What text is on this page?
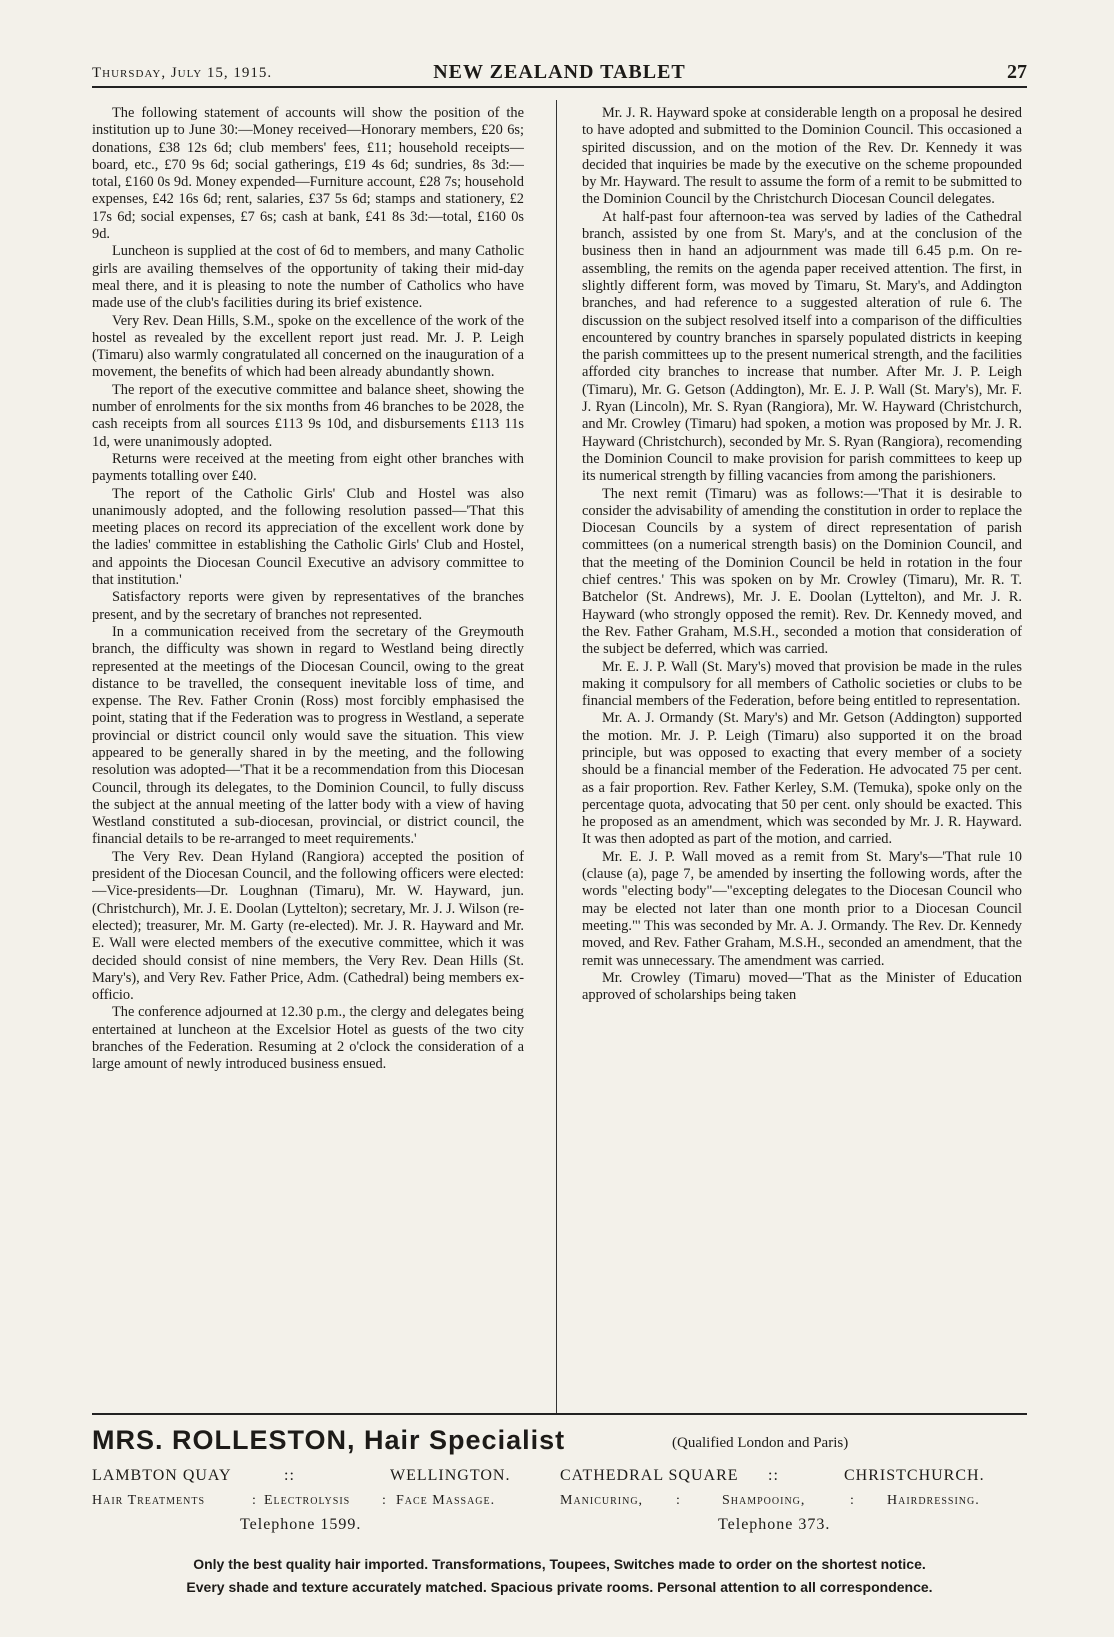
Thursday, July 15, 1915.	NEW ZEALAND TABLET	27

The following statement of accounts will show the position of the institution up to June 30:—Money received—Honorary members, £20 6s; donations, £38 12s 6d; club members' fees, £11; household receipts—board, etc., £70 9s 6d; social gatherings, £19 4s 6d; sundries, 8s 3d:—total, £160 0s 9d. Money expended—Furniture account, £28 7s; household expenses, £42 16s 6d; rent, salaries, £37 5s 6d; stamps and stationery, £2 17s 6d; social expenses, £7 6s; cash at bank, £41 8s 3d:—total, £160 0s 9d.

Luncheon is supplied at the cost of 6d to members, and many Catholic girls are availing themselves of the opportunity of taking their mid-day meal there, and it is pleasing to note the number of Catholics who have made use of the club's facilities during its brief existence.

Very Rev. Dean Hills, S.M., spoke on the excellence of the work of the hostel as revealed by the excellent report just read. Mr. J. P. Leigh (Timaru) also warmly congratulated all concerned on the inauguration of a movement, the benefits of which had been already abundantly shown.

The report of the executive committee and balance sheet, showing the number of enrolments for the six months from 46 branches to be 2028, the cash receipts from all sources £113 9s 10d, and disbursements £113 11s 1d, were unanimously adopted.

Returns were received at the meeting from eight other branches with payments totalling over £40.

The report of the Catholic Girls' Club and Hostel was also unanimously adopted, and the following resolution passed—'That this meeting places on record its appreciation of the excellent work done by the ladies' committee in establishing the Catholic Girls' Club and Hostel, and appoints the Diocesan Council Executive an advisory committee to that institution.'

Satisfactory reports were given by representatives of the branches present, and by the secretary of branches not represented.

In a communication received from the secretary of the Greymouth branch, the difficulty was shown in regard to Westland being directly represented at the meetings of the Diocesan Council, owing to the great distance to be travelled, the consequent inevitable loss of time, and expense. The Rev. Father Cronin (Ross) most forcibly emphasised the point, stating that if the Federation was to progress in Westland, a seperate provincial or district council only would save the situation. This view appeared to be generally shared in by the meeting, and the following resolution was adopted—'That it be a recommendation from this Diocesan Council, through its delegates, to the Dominion Council, to fully discuss the subject at the annual meeting of the latter body with a view of having Westland constituted a sub-diocesan, provincial, or district council, the financial details to be re-arranged to meet requirements.'

The Very Rev. Dean Hyland (Rangiora) accepted the position of president of the Diocesan Council, and the following officers were elected:—Vice-presidents—Dr. Loughnan (Timaru), Mr. W. Hayward, jun. (Christchurch), Mr. J. E. Doolan (Lyttelton); secretary, Mr. J. J. Wilson (re-elected); treasurer, Mr. M. Garty (re-elected). Mr. J. R. Hayward and Mr. E. Wall were elected members of the executive committee, which it was decided should consist of nine members, the Very Rev. Dean Hills (St. Mary's), and Very Rev. Father Price, Adm. (Cathedral) being members ex-officio.

The conference adjourned at 12.30 p.m., the clergy and delegates being entertained at luncheon at the Excelsior Hotel as guests of the two city branches of the Federation. Resuming at 2 o'clock the consideration of a large amount of newly introduced business ensued.

Mr. J. R. Hayward spoke at considerable length on a proposal he desired to have adopted and submitted to the Dominion Council. This occasioned a spirited discussion, and on the motion of the Rev. Dr. Kennedy it was decided that inquiries be made by the executive on the scheme propounded by Mr. Hayward. The result to assume the form of a remit to be submitted to the Dominion Council by the Christchurch Diocesan Council delegates.

At half-past four afternoon-tea was served by ladies of the Cathedral branch, assisted by one from St. Mary's, and at the conclusion of the business then in hand an adjournment was made till 6.45 p.m. On re-assembling, the remits on the agenda paper received attention. The first, in slightly different form, was moved by Timaru, St. Mary's, and Addington branches, and had reference to a suggested alteration of rule 6. The discussion on the subject resolved itself into a comparison of the difficulties encountered by country branches in sparsely populated districts in keeping the parish committees up to the present numerical strength, and the facilities afforded city branches to increase that number. After Mr. J. P. Leigh (Timaru), Mr. G. Getson (Addington), Mr. E. J. P. Wall (St. Mary's), Mr. F. J. Ryan (Lincoln), Mr. S. Ryan (Rangiora), Mr. W. Hayward (Christchurch, and Mr. Crowley (Timaru) had spoken, a motion was proposed by Mr. J. R. Hayward (Christchurch), seconded by Mr. S. Ryan (Rangiora), recomending the Dominion Council to make provision for parish committees to keep up its numerical strength by filling vacancies from among the parishioners.

The next remit (Timaru) was as follows:—'That it is desirable to consider the advisability of amending the constitution in order to replace the Diocesan Councils by a system of direct representation of parish committees (on a numerical strength basis) on the Dominion Council, and that the meeting of the Dominion Council be held in rotation in the four chief centres.' This was spoken on by Mr. Crowley (Timaru), Mr. R. T. Batchelor (St. Andrews), Mr. J. E. Doolan (Lyttelton), and Mr. J. R. Hayward (who strongly opposed the remit). Rev. Dr. Kennedy moved, and the Rev. Father Graham, M.S.H., seconded a motion that consideration of the subject be deferred, which was carried.

Mr. E. J. P. Wall (St. Mary's) moved that provision be made in the rules making it compulsory for all members of Catholic societies or clubs to be financial members of the Federation, before being entitled to representation.

Mr. A. J. Ormandy (St. Mary's) and Mr. Getson (Addington) supported the motion. Mr. J. P. Leigh (Timaru) also supported it on the broad principle, but was opposed to exacting that every member of a society should be a financial member of the Federation. He advocated 75 per cent. as a fair proportion. Rev. Father Kerley, S.M. (Temuka), spoke only on the percentage quota, advocating that 50 per cent. only should be exacted. This he proposed as an amendment, which was seconded by Mr. J. R. Hayward. It was then adopted as part of the motion, and carried.

Mr. E. J. P. Wall moved as a remit from St. Mary's—'That rule 10 (clause (a), page 7, be amended by inserting the following words, after the words "electing body"—"excepting delegates to the Diocesan Council who may be elected not later than one month prior to a Diocesan Council meeting."' This was seconded by Mr. A. J. Ormandy. The Rev. Dr. Kennedy moved, and Rev. Father Graham, M.S.H., seconded an amendment, that the remit was unnecessary. The amendment was carried.

Mr. Crowley (Timaru) moved—'That as the Minister of Education approved of scholarships being taken

MRS. ROLLESTON, Hair Specialist	(Qualified London and Paris)
LAMBTON QUAY	::	WELLINGTON.	CATHEDRAL SQUARE ::	CHRISTCHURCH.
Hair Treatments	: Electrolysis : Face Massage.	Manicuring, :	Shampooing,	: Hairdressing.
Telephone 1599.	Telephone 373.
Only the best quality hair imported. Transformations, Toupees, Switches made to order on the shortest notice.
Every shade and texture accurately matched. Spacious private rooms. Personal attention to all correspondence.
